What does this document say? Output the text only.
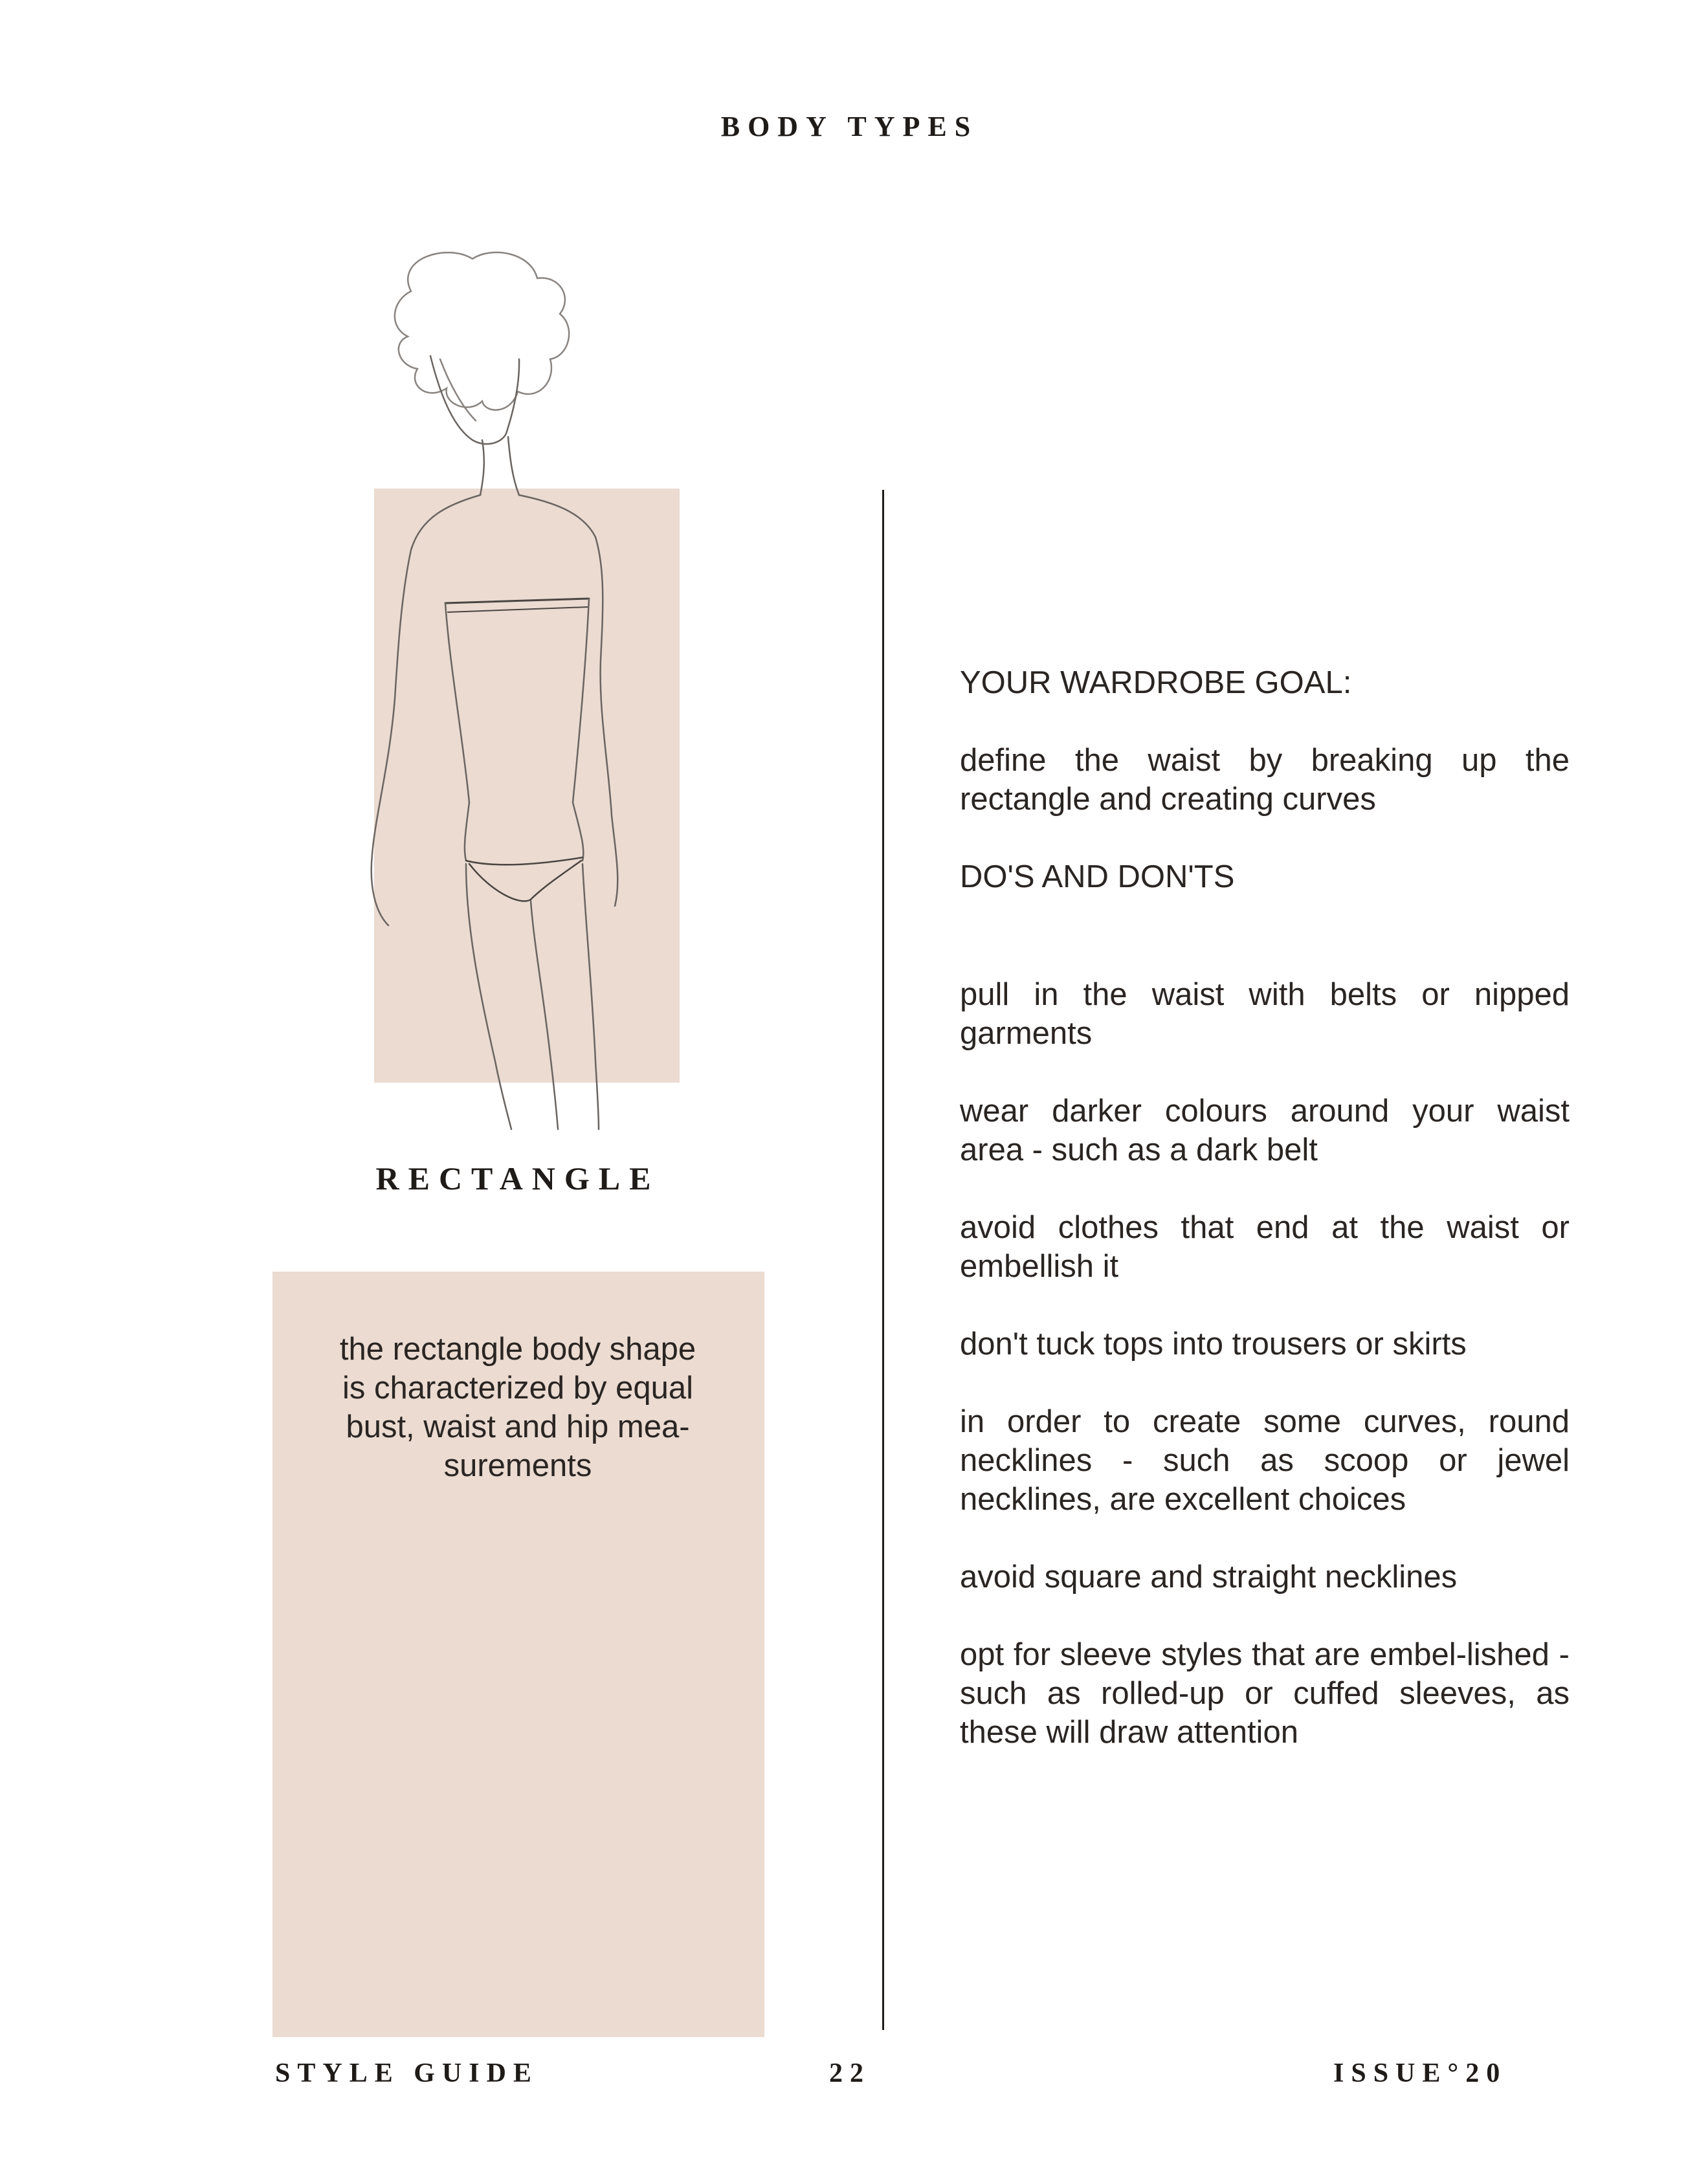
BODY TYPES
RECTANGLE
the rectangle body shape
is characterized by equal
bust, waist and hip mea-
surements

YOUR WARDROBE GOAL:

define the waist by breaking up the rectangle and creating curves

DO'S AND DON'TS

pull in the waist with belts or nipped garments

wear darker colours around your waist area - such as a dark belt

avoid clothes that end at the waist or embellish it

don't tuck tops into trousers or skirts

in order to create some curves, round necklines - such as scoop or jewel necklines, are excellent choices

avoid square and straight necklines

opt for sleeve styles that are embel-lished - such as rolled-up or cuffed sleeves, as these will draw attention

STYLE GUIDE	22	ISSUE°20
